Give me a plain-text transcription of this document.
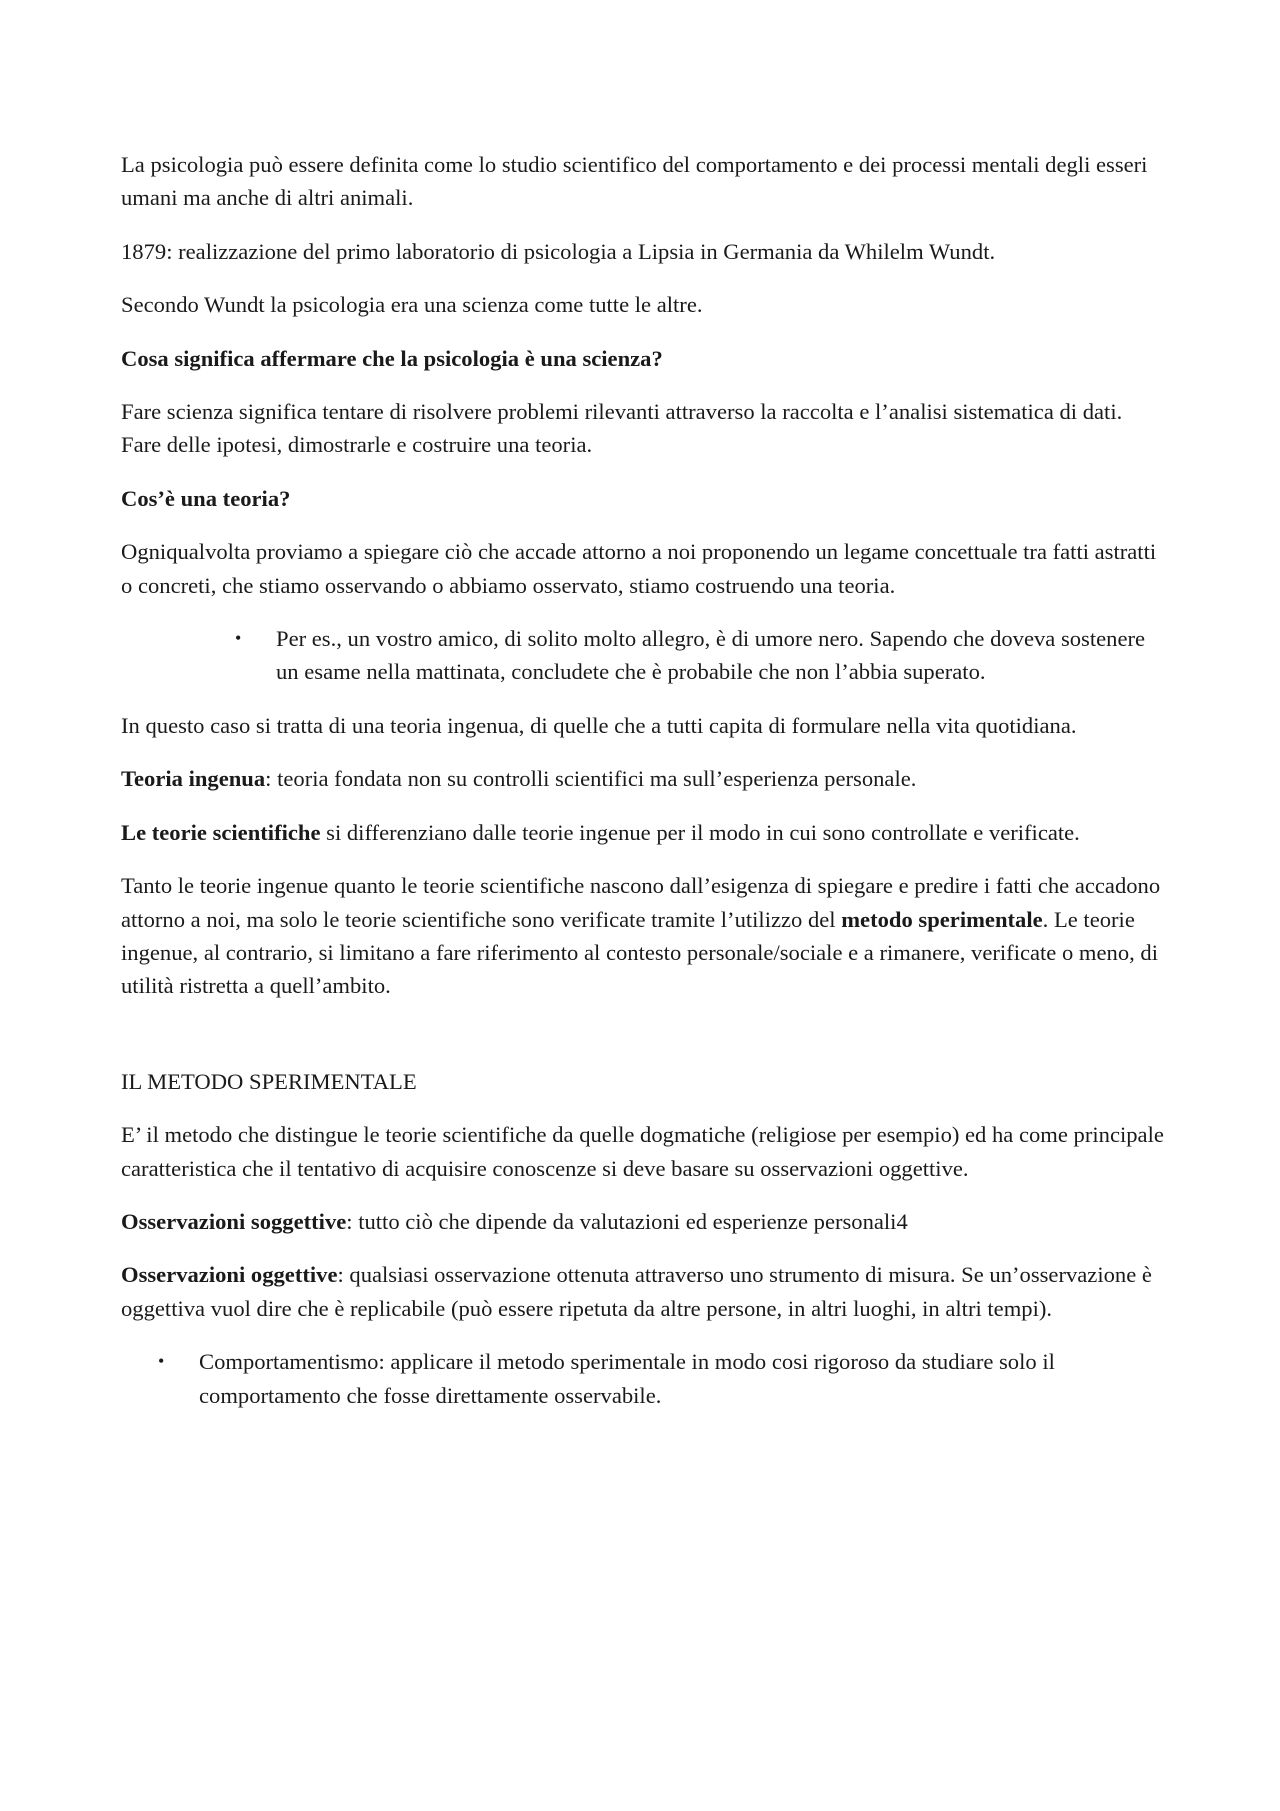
La psicologia può essere definita come lo studio scientifico del comportamento e dei processi mentali degli esseri umani ma anche di altri animali.

1879: realizzazione del primo laboratorio di psicologia a Lipsia in Germania da Whilelm Wundt.

Secondo Wundt la psicologia era una scienza come tutte le altre.

Cosa significa affermare che la psicologia è una scienza?

Fare scienza significa tentare di risolvere problemi rilevanti attraverso la raccolta e l’analisi sistematica di dati. Fare delle ipotesi, dimostrarle e costruire una teoria.

Cos’è una teoria?

Ogniqualvolta proviamo a spiegare ciò che accade attorno a noi proponendo un legame concettuale tra fatti astratti o concreti, che stiamo osservando o abbiamo osservato, stiamo costruendo una teoria.

•	Per es., un vostro amico, di solito molto allegro, è di umore nero. Sapendo che doveva sostenere un esame nella mattinata, concludete che è probabile che non l’abbia superato.

In questo caso si tratta di una teoria ingenua, di quelle che a tutti capita di formulare nella vita quotidiana.

Teoria ingenua: teoria fondata non su controlli scientifici ma sull’esperienza personale.

Le teorie scientifiche si differenziano dalle teorie ingenue per il modo in cui sono controllate e verificate.

Tanto le teorie ingenue quanto le teorie scientifiche nascono dall’esigenza di spiegare e predire i fatti che accadono attorno a noi, ma solo le teorie scientifiche sono verificate tramite l’utilizzo del metodo sperimentale. Le teorie ingenue, al contrario, si limitano a fare riferimento al contesto personale/sociale e a rimanere, verificate o meno, di utilità ristretta a quell’ambito.

IL METODO SPERIMENTALE

E’ il metodo che distingue le teorie scientifiche da quelle dogmatiche (religiose per esempio) ed ha come principale caratteristica che il tentativo di acquisire conoscenze si deve basare su osservazioni oggettive.

Osservazioni soggettive: tutto ciò che dipende da valutazioni ed esperienze personali4

Osservazioni oggettive: qualsiasi osservazione ottenuta attraverso uno strumento di misura. Se un’osservazione è oggettiva vuol dire che è replicabile (può essere ripetuta da altre persone, in altri luoghi, in altri tempi).

•	Comportamentismo: applicare il metodo sperimentale in modo cosi rigoroso da studiare solo il comportamento che fosse direttamente osservabile.
